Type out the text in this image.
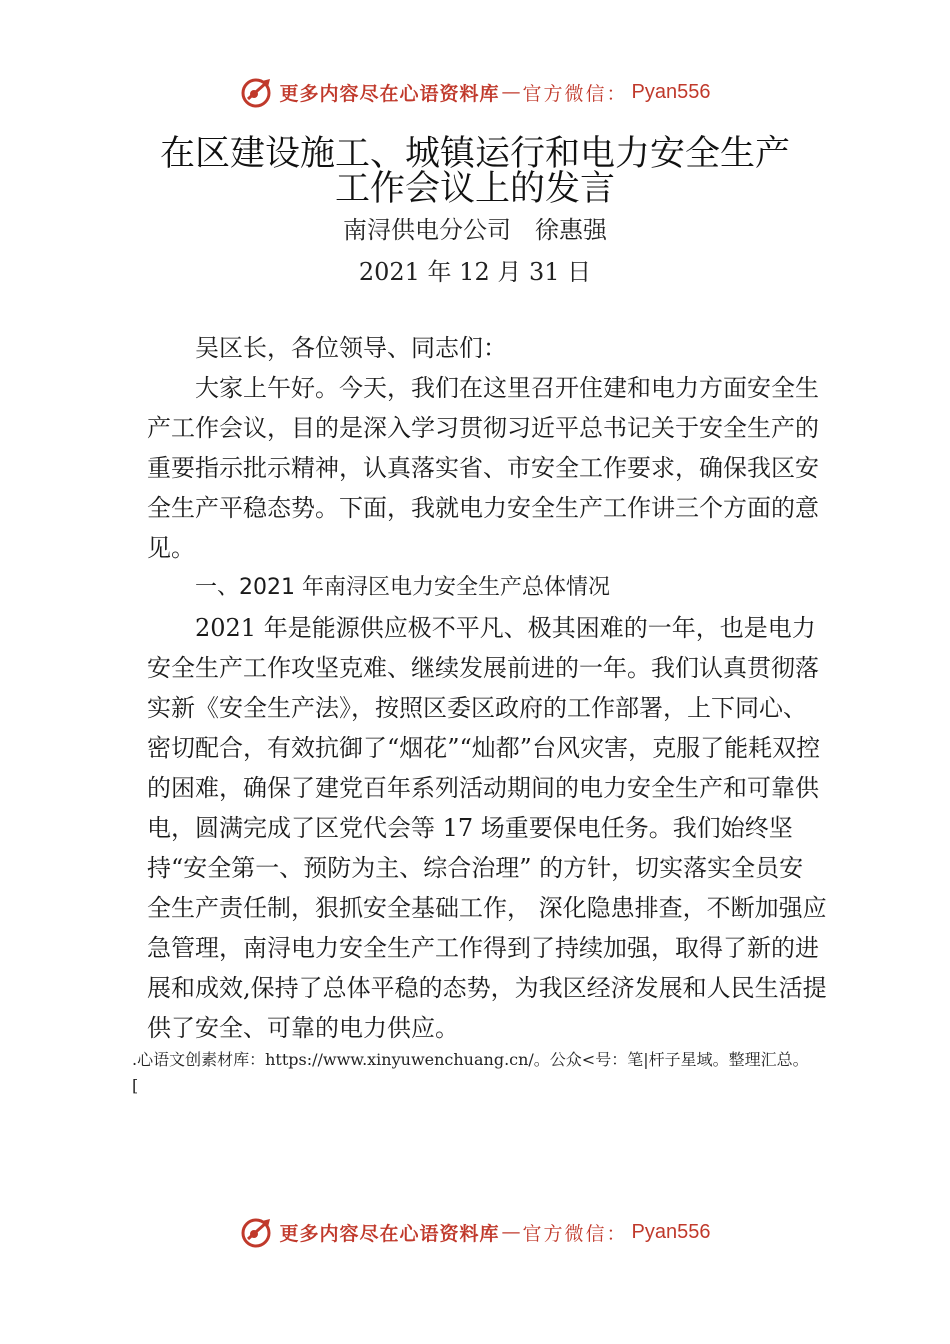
更多内容尽在心语资料库 — 官方微信： Pyan556
在区建设施工、城镇运行和电力安全生产
工作会议上的发言
南浔供电分公司　徐惠强
2021 年 12 月 31 日

吴区长，各位领导、同志们：

大家上午好。今天，我们在这里召开住建和电力方面安全生产工作会议，目的是深入学习贯彻习近平总书记关于安全生产的重要指示批示精神，认真落实省、市安全工作要求，确保我区安全生产平稳态势。下面，我就电力安全生产工作讲三个方面的意见。

一、2021 年南浔区电力安全生产总体情况

2021 年是能源供应极不平凡、极其困难的一年，也是电力安全生产工作攻坚克难、继续发展前进的一年。我们认真贯彻落实新《安全生产法》，按照区委区政府的工作部署，上下同心、密切配合，有效抗御了“烟花”“灿都”台风灾害，克服了能耗双控的困难，确保了建党百年系列活动期间的电力安全生产和可靠供电，圆满完成了区党代会等 17 场重要保电任务。我们始终坚持“安全第一、预防为主、综合治理” 的方针，切实落实全员安全生产责任制，狠抓安全基础工作， 深化隐患排查，不断加强应急管理，南浔电力安全生产工作得到了持续加强，取得了新的进展和成效,保持了总体平稳的态势，为我区经济发展和人民生活提供了安全、可靠的电力供应。

.心语文创素材库：https://www.xinyuwenchuang.cn/。公众<号：笔|杆子星域。整理汇总。
[
更多内容尽在心语资料库 — 官方微信： Pyan556
